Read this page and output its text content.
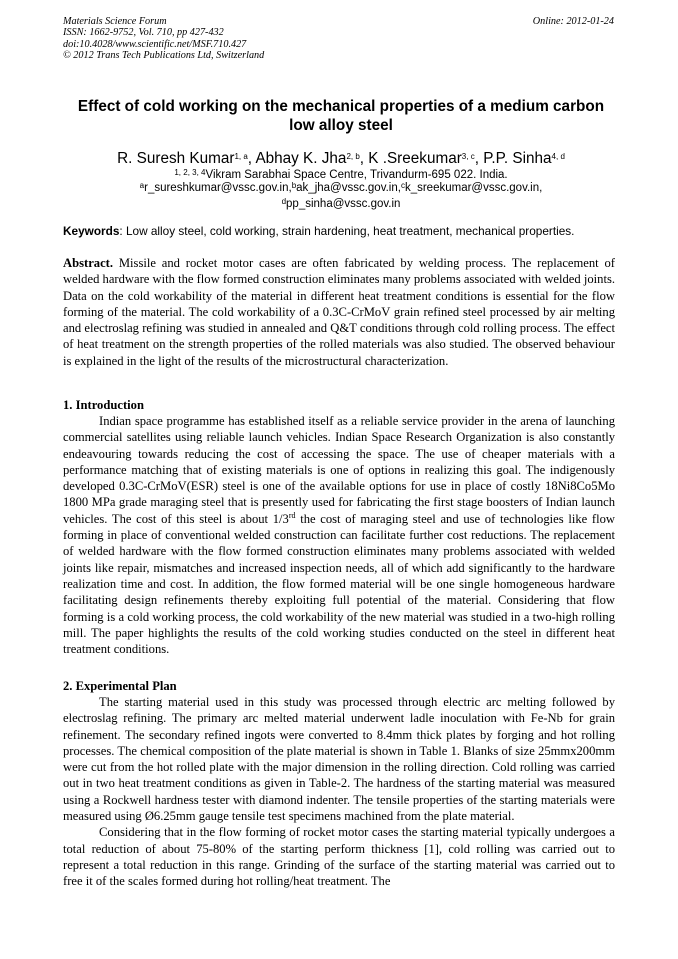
Materials Science Forum
ISSN: 1662-9752, Vol. 710, pp 427-432
doi:10.4028/www.scientific.net/MSF.710.427
© 2012 Trans Tech Publications Ltd, Switzerland
Online: 2012-01-24
Effect of cold working on the mechanical properties of a medium carbon
low alloy steel
R. Suresh Kumar$^{1, a}$, Abhay K. Jha$^{2, b}$, K .Sreekumar$^{3, c}$, P.P. Sinha$^{4, d}$
$^{1, 2, 3, 4}$Vikram Sarabhai Space Centre, Trivandurm-695 022. India.
$^a$r_sureshkumar@vssc.gov.in,$^b$ak_jha@vssc.gov.in,$^c$k_sreekumar@vssc.gov.in,
$^d$pp_sinha@vssc.gov.in
Keywords: Low alloy steel, cold working, strain hardening, heat treatment, mechanical properties.
Abstract. Missile and rocket motor cases are often fabricated by welding process. The replacement of welded hardware with the flow formed construction eliminates many problems associated with welded joints. Data on the cold workability of the material in different heat treatment conditions is essential for the flow forming of the material. The cold workability of a 0.3C-CrMoV grain refined steel processed by air melting and electroslag refining was studied in annealed and Q&T conditions through cold rolling process. The effect of heat treatment on the strength properties of the rolled materials was also studied. The observed behaviour is explained in the light of the results of the microstructural characterization.
1. Introduction

Indian space programme has established itself as a reliable service provider in the arena of launching commercial satellites using reliable launch vehicles. Indian Space Research Organization is also constantly endeavouring towards reducing the cost of accessing the space. The use of cheaper materials with a performance matching that of existing materials is one of options in realizing this goal. The indigenously developed 0.3C-CrMoV(ESR) steel is one of the available options for use in place of costly 18Ni8Co5Mo 1800 MPa grade maraging steel that is presently used for fabricating the first stage boosters of Indian launch vehicles. The cost of this steel is about 1/3rd the cost of maraging steel and use of technologies like flow forming in place of conventional welded construction can facilitate further cost reductions. The replacement of welded hardware with the flow formed construction eliminates many problems associated with welded joints like repair, mismatches and increased inspection needs, all of which add significantly to the hardware realization time and cost. In addition, the flow formed material will be one single homogeneous hardware facilitating design refinements thereby exploiting full potential of the material. Considering that flow forming is a cold working process, the cold workability of the new material was studied in a two-high rolling mill. The paper highlights the results of the cold working studies conducted on the steel in different heat treatment conditions.

2. Experimental Plan

The starting material used in this study was processed through electric arc melting followed by electroslag refining. The primary arc melted material underwent ladle inoculation with Fe-Nb for grain refinement. The secondary refined ingots were converted to 8.4mm thick plates by forging and hot rolling processes. The chemical composition of the plate material is shown in Table 1. Blanks of size 25mmx200mm were cut from the hot rolled plate with the major dimension in the rolling direction. Cold rolling was carried out in two heat treatment conditions as given in Table-2. The hardness of the starting material was measured using a Rockwell hardness tester with diamond indenter. The tensile properties of the starting materials were measured using Ø6.25mm gauge tensile test specimens machined from the plate material.

Considering that in the flow forming of rocket motor cases the starting material typically undergoes a total reduction of about 75-80% of the starting perform thickness [1], cold rolling was carried out to represent a total reduction in this range. Grinding of the surface of the starting material was carried out to free it of the scales formed during hot rolling/heat treatment. The
